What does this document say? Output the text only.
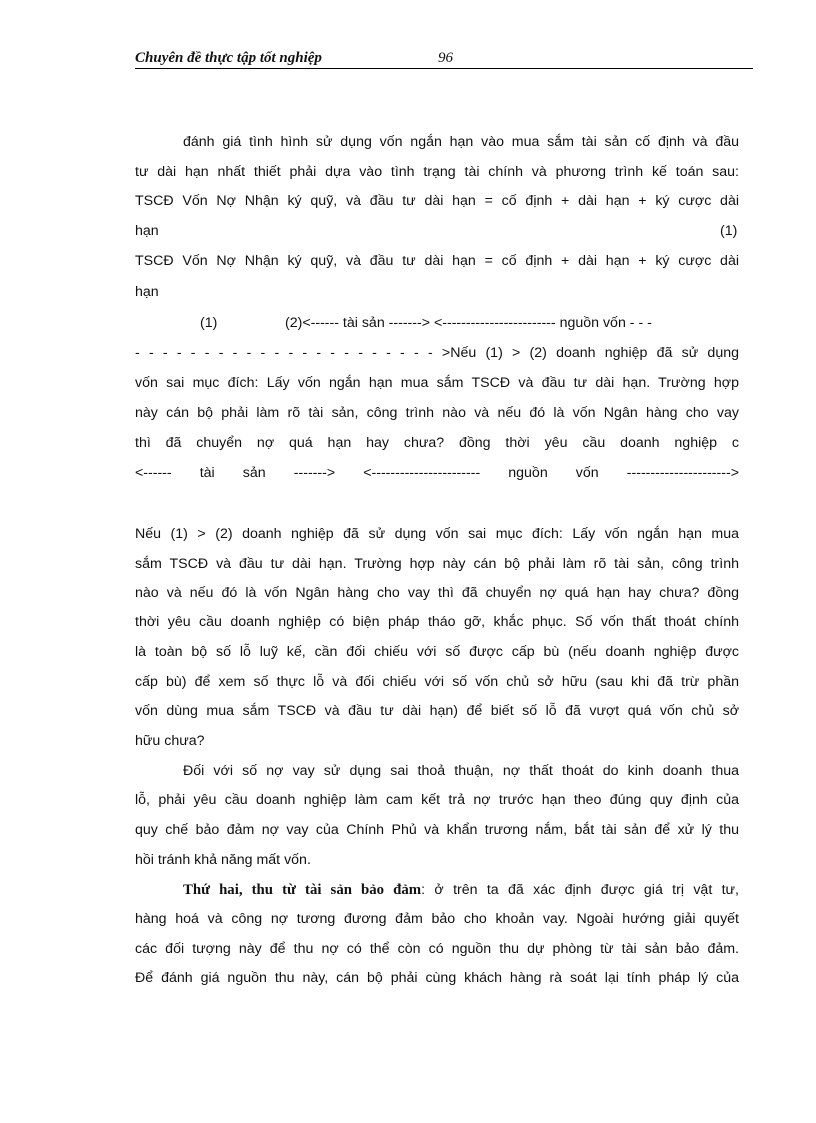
Chuyên đề thực tập tốt nghiệp	96
đánh giá tình hình sử dụng vốn ngắn hạn vào mua sắm tài sản cố định và đầu
tư dài hạn nhất thiết phải dựa vào tình trạng tài chính và phương trình kế toán sau:
TSCĐ Vốn Nợ Nhận ký quỹ, và đầu tư dài hạn = cố định + dài hạn + ký cược dài
hạn	(1)
TSCĐ Vốn Nợ Nhận ký quỹ, và đầu tư dài hạn = cố định + dài hạn + ký cược dài
hạn
(1)	(2)<------ tài sản -------> <------------------------ nguồn vốn - - -
- - - - - - - - - - - - - - - - - - - - - - >Nếu (1) > (2) doanh nghiệp đã sử dụng
vốn sai mục đích: Lấy vốn ngắn hạn mua sắm TSCĐ và đầu tư dài hạn. Trường hợp
này cán bộ phải làm rõ tài sản, công trình nào và nếu đó là vốn Ngân hàng cho vay
thì đã chuyển nợ quá hạn hay chưa? đồng thời yêu cầu doanh nghiệp c
<------ tài sản -------> <----------------------- nguồn vốn ---------------------->
Nếu (1) > (2) doanh nghiệp đã sử dụng vốn sai mục đích: Lấy vốn ngắn hạn mua
sắm TSCĐ và đầu tư dài hạn. Trường hợp này cán bộ phải làm rõ tài sản, công trình
nào và nếu đó là vốn Ngân hàng cho vay thì đã chuyển nợ quá hạn hay chưa? đồng
thời yêu cầu doanh nghiệp có biện pháp tháo gỡ, khắc phục. Số vốn thất thoát chính
là toàn bộ số lỗ luỹ kế, cần đối chiếu với số được cấp bù (nếu doanh nghiệp được
cấp bù) để xem số thực lỗ và đối chiếu với số vốn chủ sở hữu (sau khi đã trừ phần
vốn dùng mua sắm TSCĐ và đầu tư dài hạn) để biết số lỗ đã vượt quá vốn chủ sở
hữu chưa?
Đối với số nợ vay sử dụng sai thoả thuận, nợ thất thoát do kinh doanh thua
lỗ, phải yêu cầu doanh nghiệp làm cam kết trả nợ trước hạn theo đúng quy định của
quy chế bảo đảm nợ vay của Chính Phủ và khẩn trương nắm, bắt tài sản để xử lý thu
hồi tránh khả năng mất vốn.
Thứ hai, thu từ tài sản bảo đảm: ở trên ta đã xác định được giá trị vật tư,
hàng hoá và công nợ tương đương đảm bảo cho khoản vay. Ngoài hướng giải quyết
các đối tượng này để thu nợ có thể còn có nguồn thu dự phòng từ tài sản bảo đảm.
Để đánh giá nguồn thu này, cán bộ phải cùng khách hàng rà soát lại tính pháp lý của
